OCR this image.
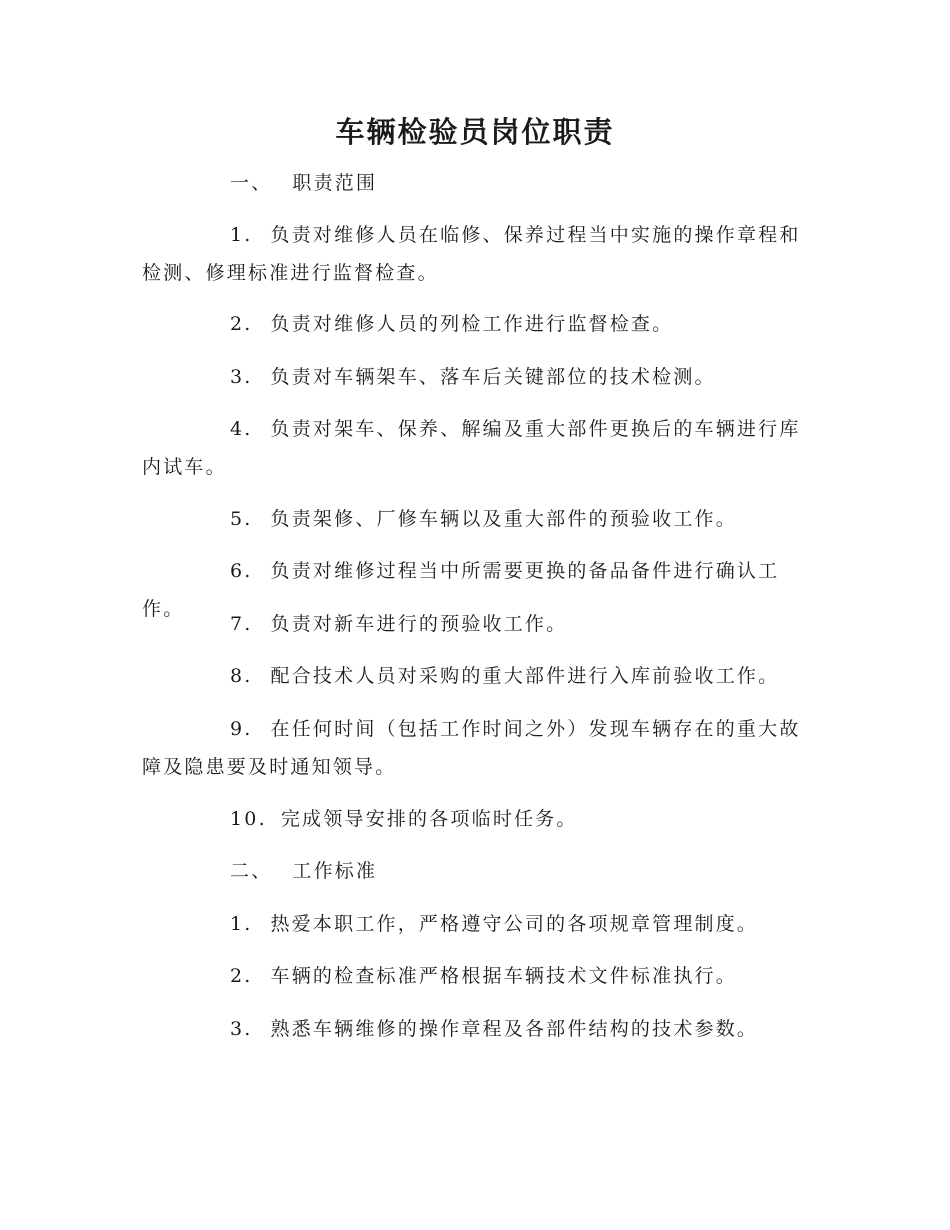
车辆检验员岗位职责
一、 职责范围
1. 负责对维修人员在临修、保养过程当中实施的操作章程和检测、修理标准进行监督检查。
2. 负责对维修人员的列检工作进行监督检查。
3. 负责对车辆架车、落车后关键部位的技术检测。
4. 负责对架车、保养、解编及重大部件更换后的车辆进行库内试车。
5. 负责架修、厂修车辆以及重大部件的预验收工作。
6. 负责对维修过程当中所需要更换的备品备件进行确认工作。
7. 负责对新车进行的预验收工作。
8. 配合技术人员对采购的重大部件进行入库前验收工作。
9. 在任何时间（包括工作时间之外）发现车辆存在的重大故障及隐患要及时通知领导。
10. 完成领导安排的各项临时任务。
二、 工作标准
1. 热爱本职工作，严格遵守公司的各项规章管理制度。
2. 车辆的检查标准严格根据车辆技术文件标准执行。
3. 熟悉车辆维修的操作章程及各部件结构的技术参数。
